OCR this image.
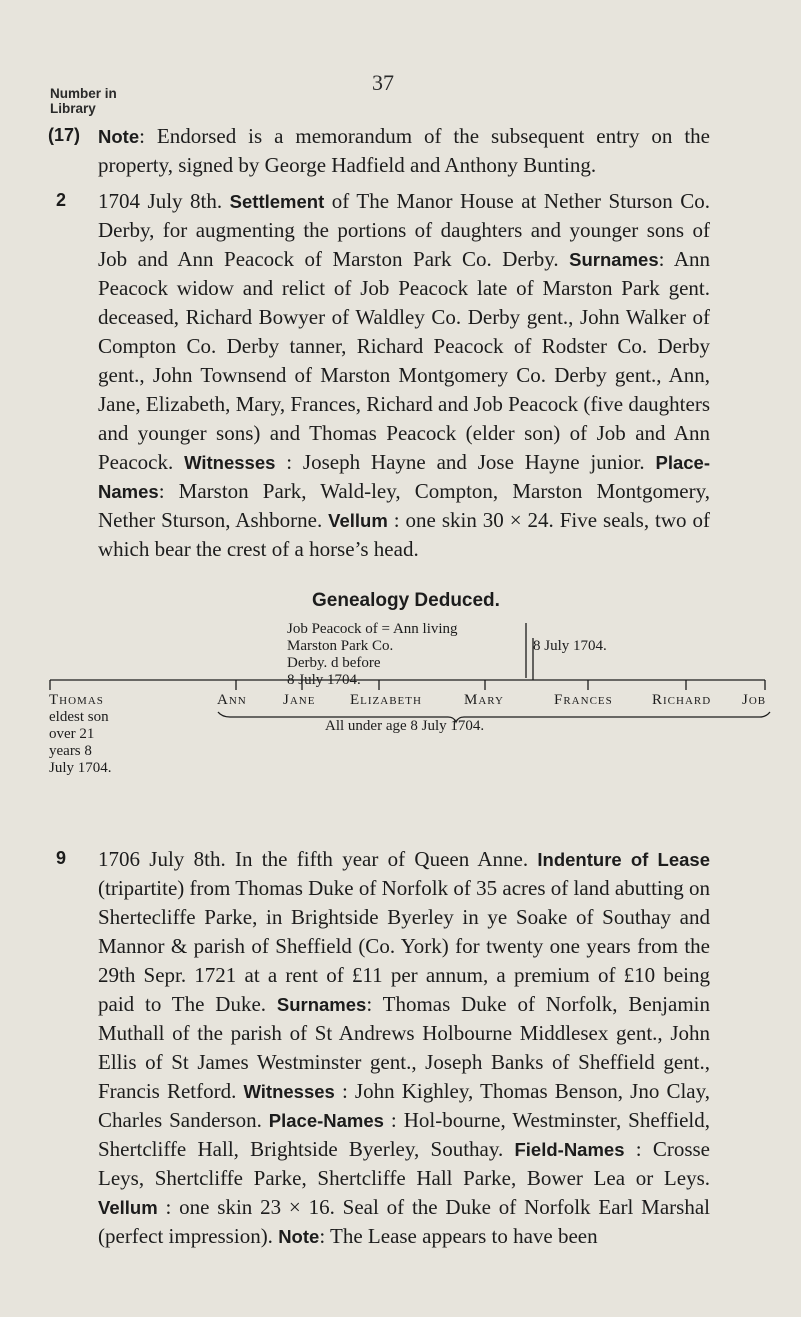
37
Number in
Library
(17) Note: Endorsed is a memorandum of the subsequent entry on the property, signed by George Hadfield and Anthony Bunting.
2 1704 July 8th. Settlement of The Manor House at Nether Sturson Co. Derby, for augmenting the portions of daughters and younger sons of Job and Ann Peacock of Marston Park Co. Derby. Surnames: Ann Peacock widow and relict of Job Peacock late of Marston Park gent. deceased, Richard Bowyer of Waldley Co. Derby gent., John Walker of Compton Co. Derby tanner, Richard Peacock of Rodster Co. Derby gent., John Townsend of Marston Montgomery Co. Derby gent., Ann, Jane, Elizabeth, Mary, Frances, Richard and Job Peacock (five daughters and younger sons) and Thomas Peacock (elder son) of Job and Ann Peacock. Witnesses : Joseph Hayne and Jose Hayne junior. Place-Names: Marston Park, Wald-ley, Compton, Marston Montgomery, Nether Sturson, Ashborne. Vellum : one skin 30 × 24. Five seals, two of which bear the crest of a horse’s head.
Genealogy Deduced.
Job Peacock of = Ann living
Marston Park Co.
Derby. d before
8 July 1704.
8 July 1704.
Thomas	Ann Jane Elizabeth	Mary	Frances	Richard Job
eldest son
over 21
years 8
July 1704.
All under age 8 July 1704.
9 1706 July 8th. In the fifth year of Queen Anne. Indenture of Lease (tripartite) from Thomas Duke of Norfolk of 35 acres of land abutting on Shertecliffe Parke, in Brightside Byerley in ye Soake of Southay and Mannor & parish of Sheffield (Co. York) for twenty one years from the 29th Sepr. 1721 at a rent of £11 per annum, a premium of £10 being paid to The Duke. Surnames: Thomas Duke of Norfolk, Benjamin Muthall of the parish of St Andrews Holbourne Middlesex gent., John Ellis of St James Westminster gent., Joseph Banks of Sheffield gent., Francis Retford. Witnesses : John Kighley, Thomas Benson, Jno Clay, Charles Sanderson. Place-Names : Hol-bourne, Westminster, Sheffield, Shertcliffe Hall, Brightside Byerley, Southay. Field-Names : Crosse Leys, Shertcliffe Parke, Shertcliffe Hall Parke, Bower Lea or Leys. Vellum : one skin 23 × 16. Seal of the Duke of Norfolk Earl Marshal (perfect impression). Note: The Lease appears to have been
